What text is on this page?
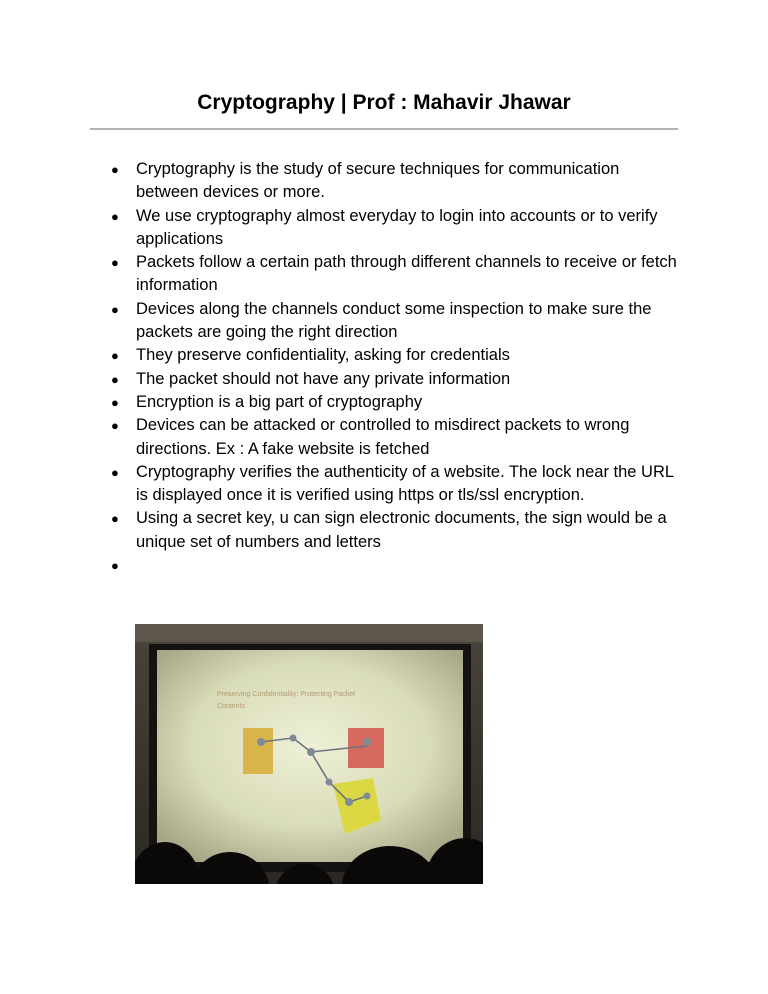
Cryptography | Prof : Mahavir Jhawar
● Cryptography is the study of secure techniques for communication between devices or more.
● We use cryptography almost everyday to login into accounts or to verify applications
● Packets follow a certain path through different channels to receive or fetch information
● Devices along the channels conduct some inspection to make sure the packets are going the right direction
● They preserve confidentiality, asking for credentials
● The packet should not have any private information
● Encryption is a big part of cryptography
● Devices can be attacked or controlled to misdirect packets to wrong directions. Ex : A fake website is fetched
● Cryptography verifies the authenticity of a website. The lock near the URL is displayed once it is verified using https or tls/ssl encryption.
● Using a secret key, u can sign electronic documents, the sign would be a unique set of numbers and letters
●
Preserving Confidentiality: Protecting Packet
Contents
